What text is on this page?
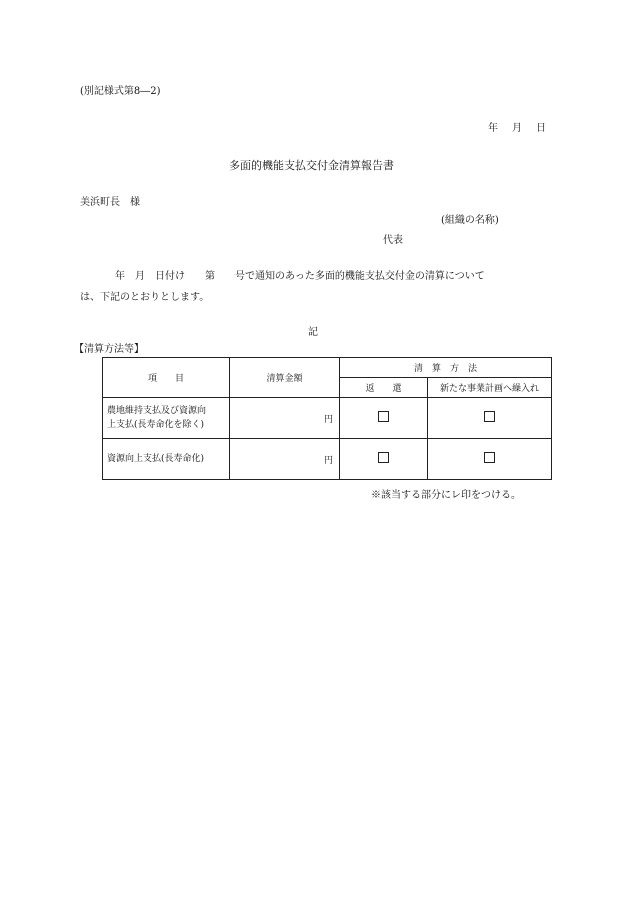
(別記様式第8―2)
年　月　日
多面的機能支払交付金清算報告書
美浜町長　様
(組織の名称)
代表
年　月　日付け　　第　　号で通知のあった多面的機能支払交付金の清算について
は、下記のとおりとします。
記
【清算方法等】
項　　目	清算金額	清　算　方　法	
		返　　還	新たな事業計画へ繰入れ

農地維持支払及び資源向
上支払(長寿命化を除く)	円		
資源向上支払(長寿命化)	円		
※該当する部分にレ印をつける。
